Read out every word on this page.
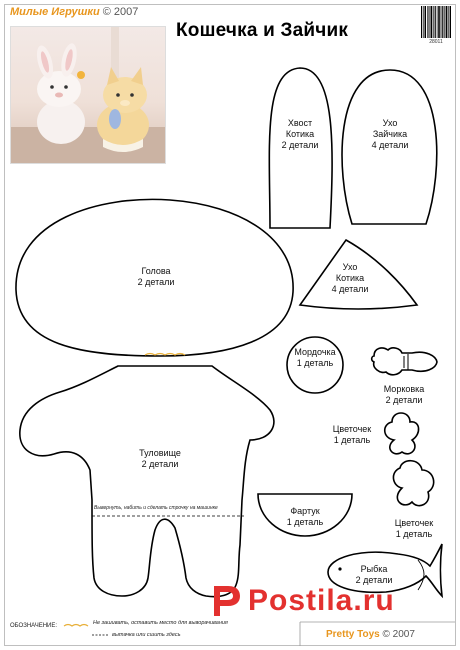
Милые Игрушки © 2007
Кошечка и Зайчик
28011
Хвост
Котика
2 детали
Ухо
Зайчика
4 детали
Голова
2 детали
Ухо
Котика
4 детали
Мордочка
1 деталь
Морковка
2 детали
Цветочек
1 деталь
Туловище
2 детали
Фартук
1 деталь	Цветочек
1 деталь
Рыбка
2 детали
Вывернуть, набить и сделать строчку на машинке
ОБОЗНАЧЕНИЕ:	Не зашивать, оставить место для выворачивания
вытачка или сшить здесь	Pretty Toys © 2007
Postila.ru
